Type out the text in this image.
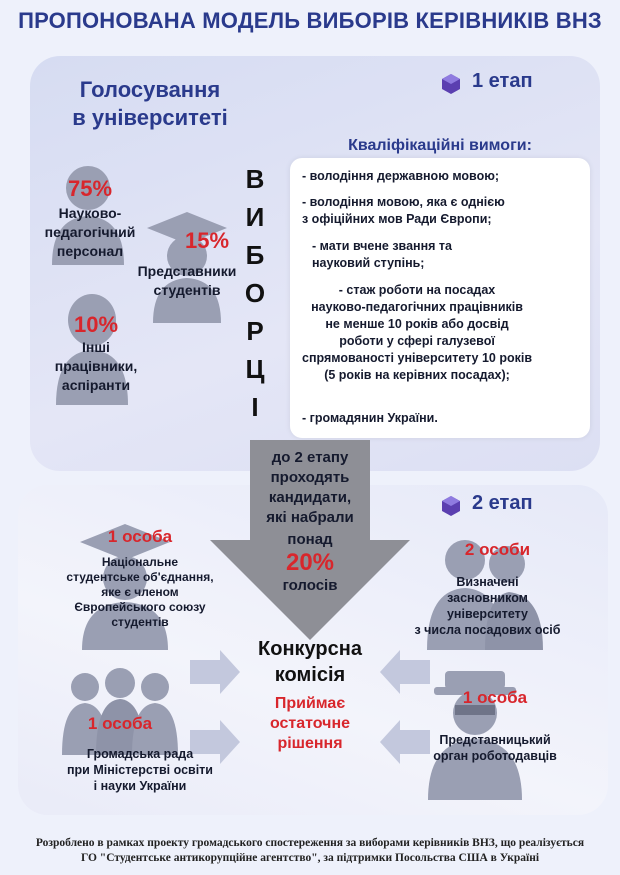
ПРОПОНОВАНА МОДЕЛЬ ВИБОРІВ КЕРІВНИКІВ ВНЗ
1 етап
Голосування
в університеті
75%
Науково-
педагогічний
персонал	15%
Представники
студентів
10%
Інші
працівники,
аспіранти
В
И
Б
О
Р
Ц
І
Кваліфікаційні вимоги:
- володіння державною мовою;
- володіння мовою, яка є однією
з офіційних мов Ради Європи;
- мати вчене звання та
науковий ступінь;
- стаж роботи на посадах
науково-педагогічних працівників
не менше 10 років або досвід
роботи у сфері галузевої
спрямованості університету 10 років
(5 років на керівних посадах);
- громадянин України.
до 2 етапу
проходять
кандидати,
які набрали
понад
20%
голосів
2 етап
1 особа
Національне
студентське об'єднання,
яке є членом
Європейського союзу
студентів
2 особи
Визначені
засновником
університету
з числа посадових осіб
1 особа
Громадська рада
при Міністерстві освіти
і науки України
1 особа
Представницький
орган роботодавців
Конкурсна
комісія
Приймає
остаточне
рішення
Розроблено в рамках проекту громадського спостереження за виборами керівників ВНЗ, що реалізується
ГО "Студентське антикорупційне агентство", за підтримки Посольства США в Україні
